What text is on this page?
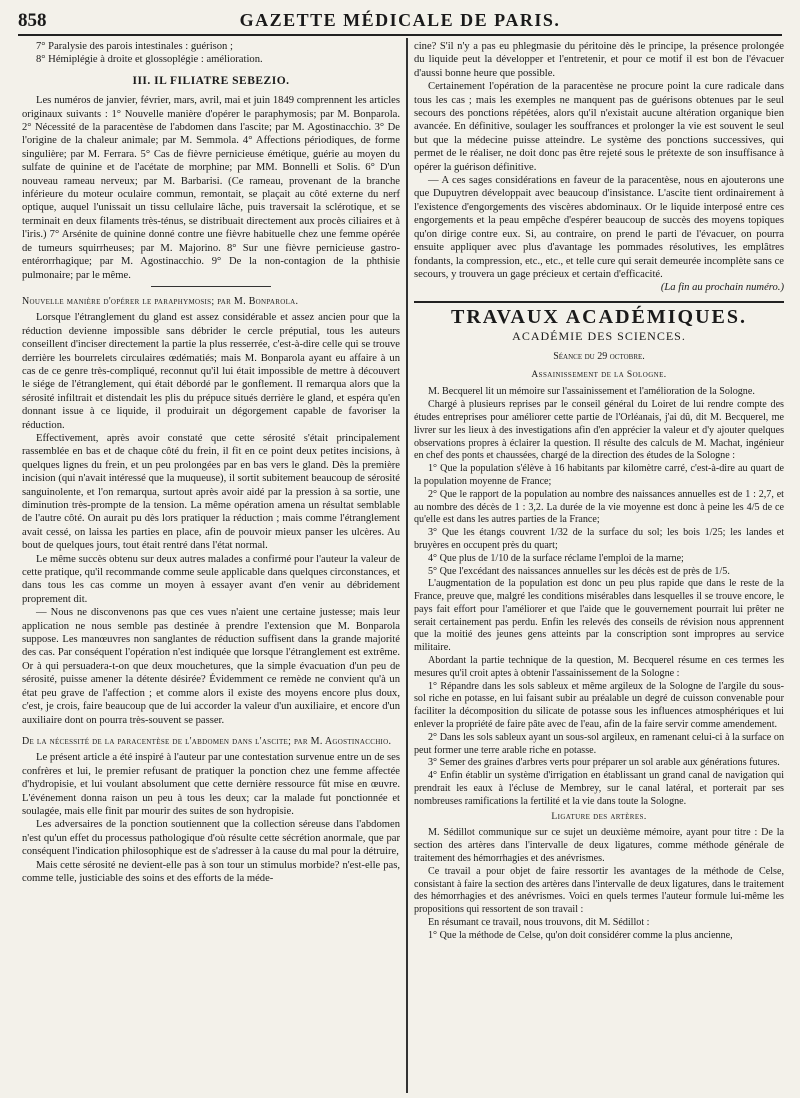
858	GAZETTE MÉDICALE DE PARIS.

7° Paralysie des parois intestinales : guérison ;

8° Hémiplégie à droite et glossoplégie : amélioration.

III. IL FILIATRE SEBEZIO.

Les numéros de janvier, février, mars, avril, mai et juin 1849 comprennent les articles originaux suivants : 1° Nouvelle manière d'opérer le paraphymosis; par M. Bonparola. 2° Nécessité de la paracentèse de l'abdomen dans l'ascite; par M. Agostinacchio. 3° De l'origine de la chaleur animale; par M. Semmola. 4° Affections périodiques, de forme singulière; par M. Ferrara. 5° Cas de fièvre pernicieuse émétique, guérie au moyen du sulfate de quinine et de l'acétate de morphine; par MM. Bonnelli et Solis. 6° D'un nouveau rameau nerveux; par M. Barbarisi. (Ce rameau, provenant de la branche inférieure du moteur oculaire commun, remontait, se plaçait au côté externe du nerf optique, auquel l'unissait un tissu cellulaire lâche, puis traversait la sclérotique, et se terminait en deux filaments très-ténus, se distribuait directement aux procès ciliaires et à l'iris.) 7° Arsénite de quinine donné contre une fièvre habituelle chez une femme opérée de tumeurs squirrheuses; par M. Majorino. 8° Sur une fièvre pernicieuse gastro-entérorrhagique; par M. Agostinacchio. 9° De la non-contagion de la phthisie pulmonaire; par le même.

Nouvelle manière d'opérer le paraphymosis; par M. Bonparola.

Lorsque l'étranglement du gland est assez considérable et assez ancien pour que la réduction devienne impossible sans débrider le cercle préputial, tous les auteurs conseillent d'inciser directement la partie la plus resserrée, c'est-à-dire celle qui se trouve derrière les bourrelets circulaires œdématiés; mais M. Bonparola ayant eu affaire à un cas de ce genre très-compliqué, reconnut qu'il lui était impossible de mettre à découvert le siége de l'étranglement, qui était débordé par le gonflement. Il remarqua alors que la sérosité infiltrait et distendait les plis du prépuce situés derrière le gland, et espéra qu'en donnant issue à ce liquide, il produirait un dégorgement capable de favoriser la réduction.

Effectivement, après avoir constaté que cette sérosité s'était principalement rassemblée en bas et de chaque côté du frein, il fit en ce point deux petites incisions, à quelques lignes du frein, et un peu prolongées par en bas vers le gland. Dès la première incision (qui n'avait intéressé que la muqueuse), il sortit subitement beaucoup de sérosité sanguinolente, et l'on remarqua, surtout après avoir aidé par la pression à sa sortie, une diminution très-prompte de la tension. La même opération amena un résultat semblable de l'autre côté. On aurait pu dès lors pratiquer la réduction ; mais comme l'étranglement avait cessé, on laissa les parties en place, afin de pouvoir mieux panser les ulcères. Au bout de quelques jours, tout était rentré dans l'état normal.

Le même succès obtenu sur deux autres malades a confirmé pour l'auteur la valeur de cette pratique, qu'il recommande comme seule applicable dans quelques circonstances, et dans tous les cas comme un moyen à essayer avant d'en venir au débridement proprement dit.

— Nous ne disconvenons pas que ces vues n'aient une certaine justesse; mais leur application ne nous semble pas destinée à prendre l'extension que M. Bonparola suppose. Les manœuvres non sanglantes de réduction suffisent dans la grande majorité des cas. Par conséquent l'opération n'est indiquée que lorsque l'étranglement est extrême. Or à qui persuadera-t-on que deux mouchetures, que la simple évacuation d'un peu de sérosité, puisse amener la détente désirée? Évidemment ce remède ne convient qu'à un état peu grave de l'affection ; et comme alors il existe des moyens encore plus doux, c'est, je crois, faire beaucoup que de lui accorder la valeur d'un auxiliaire, et encore d'un auxiliaire dont on pourra très-souvent se passer.

De la nécessité de la paracentèse de l'abdomen dans l'ascite; par M. Agostinacchio.

Le présent article a été inspiré à l'auteur par une contestation survenue entre un de ses confrères et lui, le premier refusant de pratiquer la ponction chez une femme affectée d'hydropisie, et lui voulant absolument que cette dernière ressource fût mise en œuvre. L'événement donna raison un peu à tous les deux; car la malade fut ponctionnée et soulagée, mais elle finit par mourir des suites de son hydropisie.

Les adversaires de la ponction soutiennent que la collection séreuse dans l'abdomen n'est qu'un effet du processus pathologique d'où résulte cette sécrétion anormale, que par conséquent l'indication philosophique est de s'adresser à la cause du mal pour la détruire,

Mais cette sérosité ne devient-elle pas à son tour un stimulus morbide? n'est-elle pas, comme telle, justiciable des soins et des efforts de la méde-

cine? S'il n'y a pas eu phlegmasie du péritoine dès le principe, la présence prolongée du liquide peut la développer et l'entretenir, et pour ce motif il est bon de l'évacuer d'aussi bonne heure que possible.

Certainement l'opération de la paracentèse ne procure point la cure radicale dans tous les cas ; mais les exemples ne manquent pas de guérisons obtenues par le seul secours des ponctions répétées, alors qu'il n'existait aucune altération organique bien avancée. En définitive, soulager les souffrances et prolonger la vie est souvent le seul but que la médecine puisse atteindre. Le système des ponctions successives, qui permet de le réaliser, ne doit donc pas être rejeté sous le prétexte de son insuffisance à opérer la guérison définitive.

— A ces sages considérations en faveur de la paracentèse, nous en ajouterons une que Dupuytren développait avec beaucoup d'insistance. L'ascite tient ordinairement à l'existence d'engorgements des viscères abdominaux. Or le liquide interposé entre ces engorgements et la peau empêche d'espérer beaucoup de succès des moyens topiques qu'on dirige contre eux. Si, au contraire, on prend le parti de l'évacuer, on pourra ensuite appliquer avec plus d'avantage les pommades résolutives, les emplâtres fondants, la compression, etc., etc., et telle cure qui serait demeurée incomplète sans ce secours, y trouvera un gage précieux et certain d'efficacité.

(La fin au prochain numéro.)

TRAVAUX ACADÉMIQUES.
ACADÉMIE DES SCIENCES.
Séance du 29 octobre.
Assainissement de la Sologne.

M. Becquerel lit un mémoire sur l'assainissement et l'amélioration de la Sologne.

Chargé à plusieurs reprises par le conseil général du Loiret de lui rendre compte des études entreprises pour améliorer cette partie de l'Orléanais, j'ai dû, dit M. Becquerel, me livrer sur les lieux à des investigations afin d'en apprécier la valeur et d'y ajouter quelques observations propres à éclairer la question. Il résulte des calculs de M. Machat, ingénieur en chef des ponts et chaussées, chargé de la direction des études de la Sologne :

1° Que la population s'élève à 16 habitants par kilomètre carré, c'est-à-dire au quart de la population moyenne de France;

2° Que le rapport de la population au nombre des naissances annuelles est de 1 : 2,7, et au nombre des décès de 1 : 3,2. La durée de la vie moyenne est donc à peine les 4/5 de ce qu'elle est dans les autres parties de la France;

3° Que les étangs couvrent 1/32 de la surface du sol; les bois 1/25; les landes et bruyères en occupent près du quart;

4° Que plus de 1/10 de la surface réclame l'emploi de la marne;

5° Que l'excédant des naissances annuelles sur les décès est de près de 1/5.

L'augmentation de la population est donc un peu plus rapide que dans le reste de la France, preuve que, malgré les conditions misérables dans lesquelles il se trouve encore, le pays fait effort pour l'améliorer et que l'aide que le gouvernement pourrait lui prêter ne serait certainement pas perdu. Enfin les relevés des conseils de révision nous apprennent que la moitié des jeunes gens atteints par la conscription sont impropres au service militaire.

Abordant la partie technique de la question, M. Becquerel résume en ces termes les mesures qu'il croit aptes à obtenir l'assainissement de la Sologne :

1° Répandre dans les sols sableux et même argileux de la Sologne de l'argile du sous-sol riche en potasse, en lui faisant subir au préalable un degré de cuisson convenable pour faciliter la décomposition du silicate de potasse sous les influences atmosphériques et lui enlever la propriété de faire pâte avec de l'eau, afin de la faire servir comme amendement.

2° Dans les sols sableux ayant un sous-sol argileux, en ramenant celui-ci à la surface on peut former une terre arable riche en potasse.

3° Semer des graines d'arbres verts pour préparer un sol arable aux générations futures.

4° Enfin établir un système d'irrigation en établissant un grand canal de navigation qui prendrait les eaux à l'écluse de Membrey, sur le canal latéral, et porterait par ses nombreuses ramifications la fertilité et la vie dans toute la Sologne.

Ligature des artères.

M. Sédillot communique sur ce sujet un deuxième mémoire, ayant pour titre : De la section des artères dans l'intervalle de deux ligatures, comme méthode générale de traitement des hémorrhagies et des anévrismes.

Ce travail a pour objet de faire ressortir les avantages de la méthode de Celse, consistant à faire la section des artères dans l'intervalle de deux ligatures, dans le traitement des hémorrhagies et des anévrismes. Voici en quels termes l'auteur formule lui-même les propositions qui ressortent de son travail :

En résumant ce travail, nous trouvons, dit M. Sédillot :

1° Que la méthode de Celse, qu'on doit considérer comme la plus ancienne,
